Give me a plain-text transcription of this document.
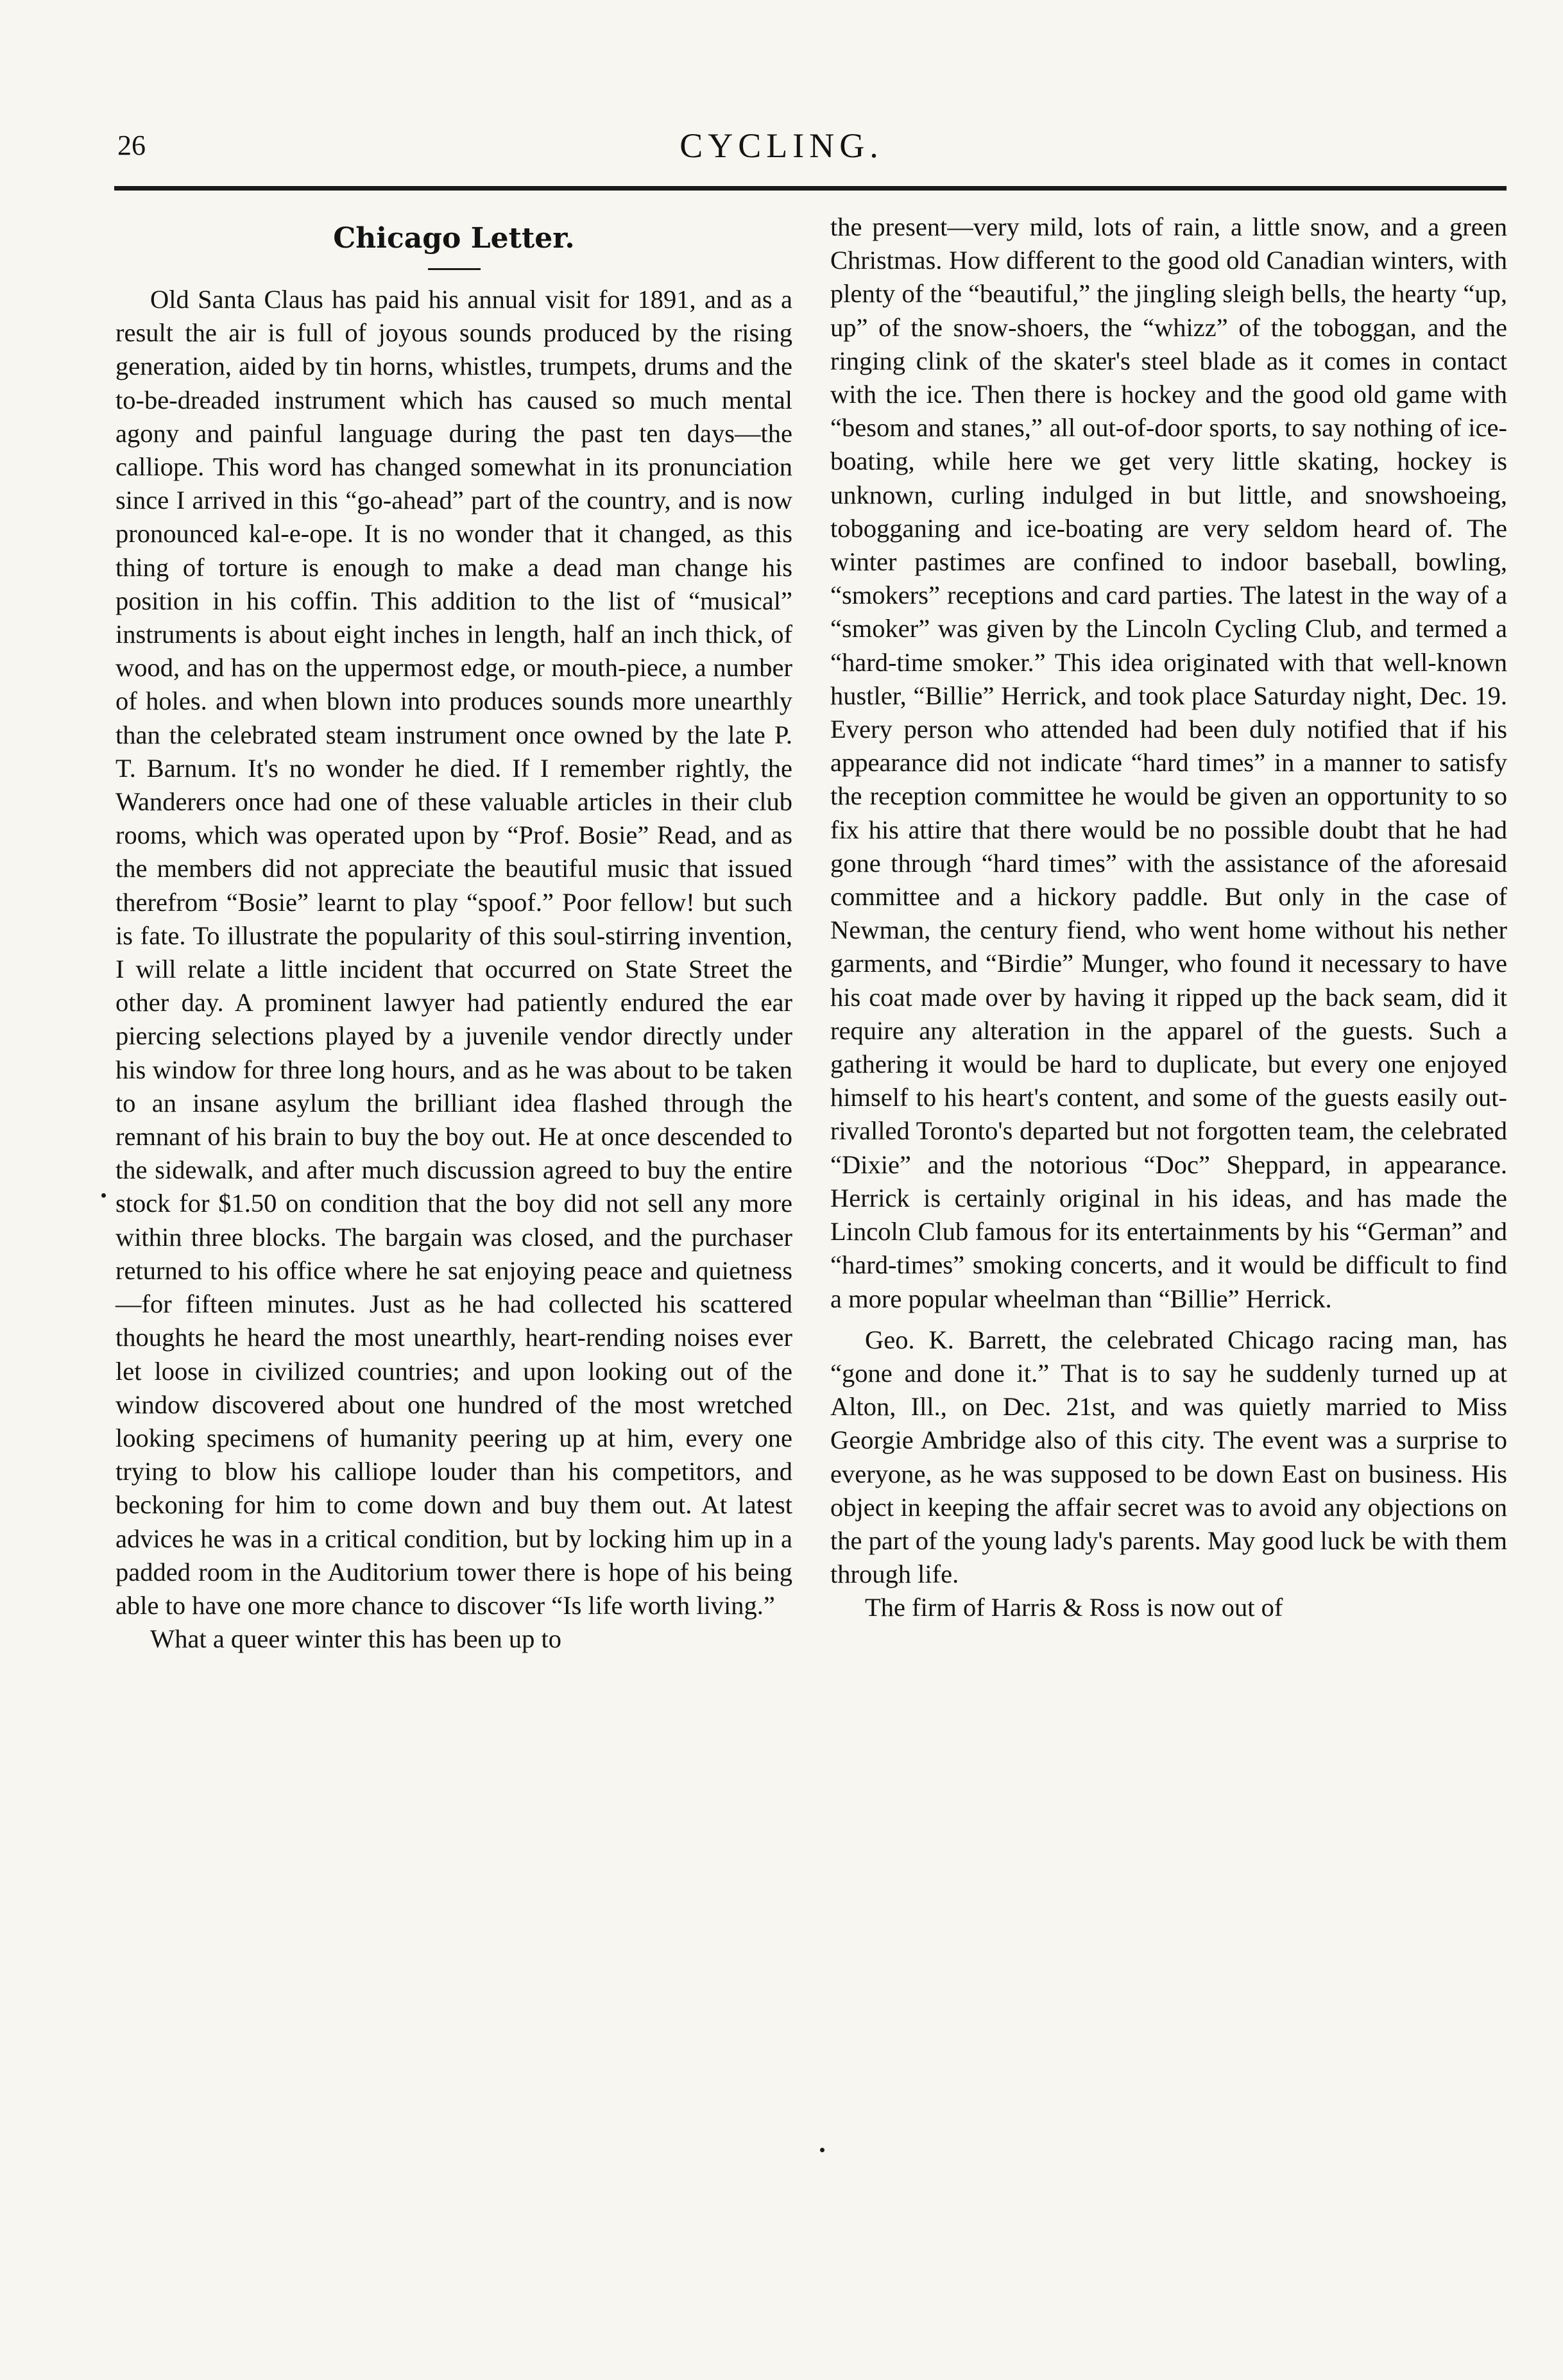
26	CYCLING.
Chicago Letter.

Old Santa Claus has paid his annual visit for 1891, and as a result the air is full of joyous sounds produced by the rising generation, aided by tin horns, whistles, trumpets, drums and the to-be-dreaded instrument which has caused so much mental agony and painful language during the past ten days—the calliope. This word has changed somewhat in its pronunciation since I arrived in this “go-ahead” part of the country, and is now pronounced kal-e-ope. It is no wonder that it changed, as this thing of torture is enough to make a dead man change his position in his coffin. This addition to the list of “musical” instruments is about eight inches in length, half an inch thick, of wood, and has on the uppermost edge, or mouth-piece, a number of holes. and when blown into produces sounds more unearthly than the celebrated steam instrument once owned by the late P. T. Barnum. It's no wonder he died. If I remember rightly, the Wanderers once had one of these valuable articles in their club rooms, which was operated upon by “Prof. Bosie” Read, and as the members did not appreciate the beautiful music that issued therefrom “Bosie” learnt to play “spoof.” Poor fellow! but such is fate. To illustrate the popularity of this soul-stirring invention, I will relate a little incident that occurred on State Street the other day. A prominent lawyer had patiently endured the ear piercing selections played by a juvenile vendor directly under his window for three long hours, and as he was about to be taken to an insane asylum the brilliant idea flashed through the remnant of his brain to buy the boy out. He at once descended to the sidewalk, and after much discussion agreed to buy the entire stock for $1.50 on condition that the boy did not sell any more within three blocks. The bargain was closed, and the purchaser returned to his office where he sat enjoying peace and quietness—for fifteen minutes. Just as he had collected his scattered thoughts he heard the most unearthly, heart-rending noises ever let loose in civilized countries; and upon looking out of the window discovered about one hundred of the most wretched looking specimens of humanity peering up at him, every one trying to blow his calliope louder than his competitors, and beckoning for him to come down and buy them out. At latest advices he was in a critical condition, but by locking him up in a padded room in the Auditorium tower there is hope of his being able to have one more chance to discover “Is life worth living.”

What a queer winter this has been up to

the present—very mild, lots of rain, a little snow, and a green Christmas. How different to the good old Canadian winters, with plenty of the “beautiful,” the jingling sleigh bells, the hearty “up, up” of the snow-shoers, the “whizz” of the toboggan, and the ringing clink of the skater's steel blade as it comes in contact with the ice. Then there is hockey and the good old game with “besom and stanes,” all out-of-door sports, to say nothing of ice-boating, while here we get very little skating, hockey is unknown, curling indulged in but little, and snowshoeing, tobogganing and ice-boating are very seldom heard of. The winter pastimes are confined to indoor baseball, bowling, “smokers” receptions and card parties. The latest in the way of a “smoker” was given by the Lincoln Cycling Club, and termed a “hard-time smoker.” This idea originated with that well-known hustler, “Billie” Herrick, and took place Saturday night, Dec. 19. Every person who attended had been duly notified that if his appearance did not indicate “hard times” in a manner to satisfy the reception committee he would be given an opportunity to so fix his attire that there would be no possible doubt that he had gone through “hard times” with the assistance of the aforesaid committee and a hickory paddle. But only in the case of Newman, the century fiend, who went home without his nether garments, and “Birdie” Munger, who found it necessary to have his coat made over by having it ripped up the back seam, did it require any alteration in the apparel of the guests. Such a gathering it would be hard to duplicate, but every one enjoyed himself to his heart's content, and some of the guests easily out-rivalled Toronto's departed but not forgotten team, the celebrated “Dixie” and the notorious “Doc” Sheppard, in appearance. Herrick is certainly original in his ideas, and has made the Lincoln Club famous for its entertainments by his “German” and “hard-times” smoking concerts, and it would be difficult to find a more popular wheelman than “Billie” Herrick.

Geo. K. Barrett, the celebrated Chicago racing man, has “gone and done it.” That is to say he suddenly turned up at Alton, Ill., on Dec. 21st, and was quietly married to Miss Georgie Ambridge also of this city. The event was a surprise to everyone, as he was supposed to be down East on business. His object in keeping the affair secret was to avoid any objections on the part of the young lady's parents. May good luck be with them through life.

The firm of Harris & Ross is now out of
